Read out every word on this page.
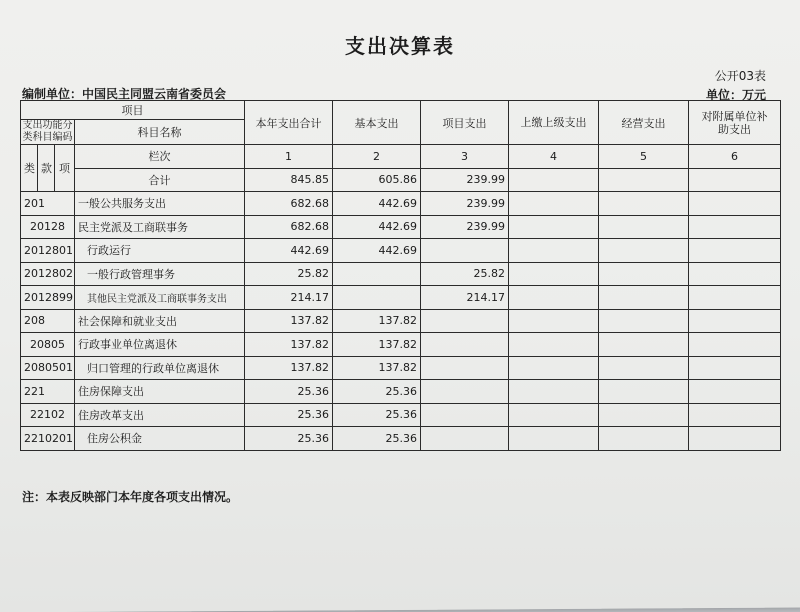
支出决算表
公开03表
编制单位：中国民主同盟云南省委员会	单位：万元
项目				本年支出合计	基本支出	项目支出	上缴上级支出	经营支出	对附属单位补助支出
支出功能分类科目编码			科目名称						

类	款	项	栏次	1	2	3	4	5	6
			合计	845.85	605.86	239.99			
201			一般公共服务支出	682.68	442.69	239.99			
20128			民主党派及工商联事务	682.68	442.69	239.99			
2012801			行政运行	442.69	442.69				
2012802			一般行政管理事务	25.82		25.82			
2012899			其他民主党派及工商联事务支出	214.17		214.17			
208			社会保障和就业支出	137.82	137.82				
20805			行政事业单位离退休	137.82	137.82				
2080501			归口管理的行政单位离退休	137.82	137.82				
221			住房保障支出	25.36	25.36				
22102			住房改革支出	25.36	25.36				
2210201			住房公积金	25.36	25.36				
注：本表反映部门本年度各项支出情况。
